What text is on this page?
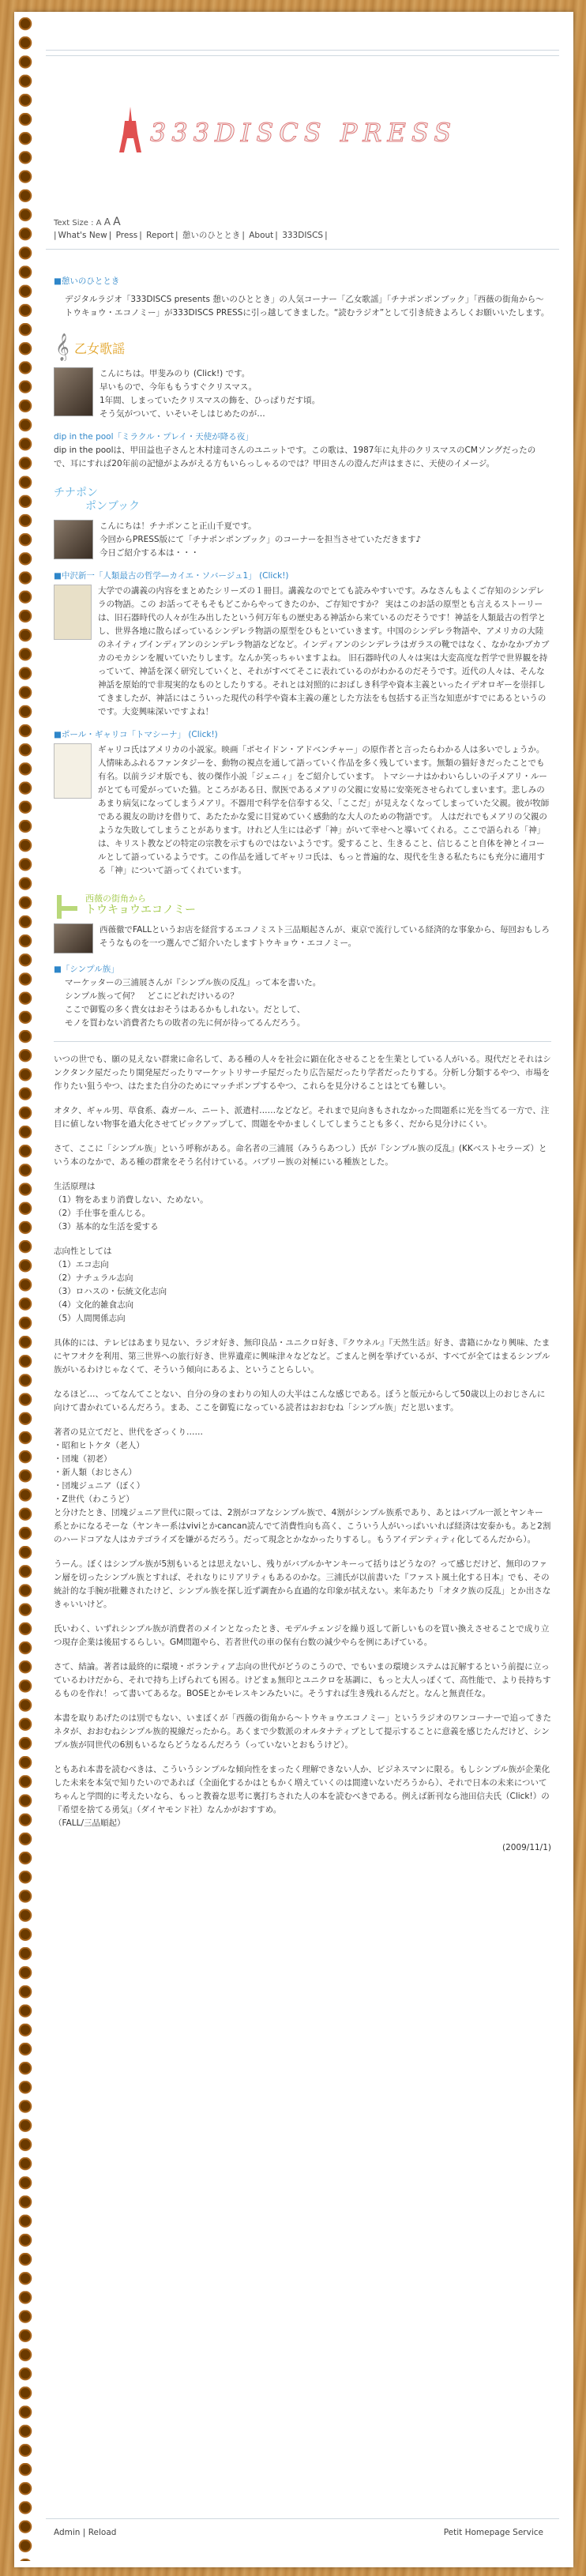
333DISCS PRESS
Text Size : A A A
| What's New | Press | Report | 憩いのひととき | About | 333DISCS |
■憩いのひととき
デジタルラジオ「333DISCS presents 憩いのひととき」の人気コーナー「乙女歌謡」「チナポンポンブック」「西薇の街角から〜トウキョウ・エコノミー」が333DISCS PRESSに引っ越してきました。“読むラジオ”として引き続きよろしくお願いいたします。
𝄞 乙女歌謡
こんにちは。甲斐みのり (Click!) です。
早いもので、今年ももうすぐクリスマス。
1年間、しまっていたクリスマスの飾を、ひっぱりだす頃。
そう気がついて、いそいそしはじめたのが…
dip in the pool「ミラクル・プレイ・天使が降る夜」
dip in the poolは、甲田益也子さんと木村達司さんのユニットです。この歌は、1987年に丸井のクリスマスのCMソングだったので、耳にすれば20年前の記憶がよみがえる方もいらっしゃるのでは？甲田さんの澄んだ声はまさに、天使のイメージ。
チナポン
ポンブック
こんにちは！チナポンこと正山千夏です。
今回からPRESS版にて「チナポンポンブック」のコーナーを担当させていただきます♪
今日ご紹介する本は・・・
■中沢新一「人類最古の哲学—カイエ・ソバージュ1」 (Click!)
大学での講義の内容をまとめたシリーズの１冊目。講義なのでとても読みやすいです。みなさんもよくご存知のシンデレラの物語。この お話ってそもそもどこからやってきたのか、ご存知ですか？ 実はこのお話の原型とも言えるストーリーは、旧石器時代の人々が生み出したという何万年もの歴史ある神話から来ているのだそうです！神話を人類最古の哲学とし、世界各地に散らばっているシンデレラ物語の原型をひもといていきます。中国のシンデレラ物語や、アメリカの大陸のネイティブインディアンのシンデレラ物語などなど。インディアンのシンデレラはガラスの靴ではなく、なかなかブカブカのモカシンを履いていたりします。なんか笑っちゃいますよね。 旧石器時代の人々は実は大変高度な哲学で世界観を持っていて、神話を深く研究していくと、それがすべてそこに表れているのがわかるのだそうです。近代の人々は、そんな神話を原始的で非現実的なものとしたりする。それとは対照的におばしき科学や資本主義といったイデオロギーを崇拝してきましたが、神話にはこういった現代の科学や資本主義の蓮とした方法をも包括する正当な知恵がすでにあるというのです。大変興味深いですよね！
■ポール・ギャリコ「トマシーナ」 (Click!)
ギャリコ氏はアメリカの小説家。映画「ポセイドン・アドベンチャー」の原作者と言ったらわかる人は多いでしょうか。人情味あふれるファンタジーを、動物の視点を通して語っていく作品を多く残しています。無類の猫好きだったことでも有名。以前ラジオ版でも、彼の傑作小説「ジェニィ」をご紹介しています。 トマシーナはかわいらしいの子メアリ・ルーがとても可愛がっていた猫。ところがある日、獣医であるメアリの父親に安易に安楽死させられてしまいます。悲しみのあまり病気になってしまうメアリ。不器用で科学を信奉する父、「ここだ」が見えなくなってしまっていた父親。彼が牧師である親友の助けを借りて、あたたかな愛に目覚めていく感動的な大人のための物語です。 人はだれでもメアリの父親のような失敗してしまうことがあります。けれど人生には必ず「神」がいて幸せへと導いてくれる。ここで語られる「神」は、キリスト教などの特定の宗教を示すものではないようです。愛すること、生きること、信じること自体を神とイコールとして語っているようです。この作品を通してギャリコ氏は、もっと普遍的な、現代を生きる私たちにも充分に適用する「神」について語ってくれています。
西薇の街角から
トウキョウエコノミー
西薇徹でFALLというお店を経営するエコノミスト三品順起さんが、東京で流行している経済的な事象から、毎回おもしろそうなものを一つ選んでご紹介いたしますトウキョウ・エコノミー。
■「シンプル族」
マーケッターの三浦展さんが『シンプル族の反乱』って本を書いた。
シンプル族って何？　どこにどれだけいるの？
ここで御覧の多く貴女はおそうはあるかもしれない。だとして、
モノを買わない消費者たちの敗者の先に何が待ってるんだろう。

いつの世でも、願の見えない群衆に命名して、ある種の人々を社会に顕在化させることを生業としている人がいる。現代だとそれはシンクタンク屋だったり開発屋だったりマーケットリサーチ屋だったり広告屋だったり学者だったりする。分析し分類するやつ、市場を作りたい狙うやつ、はたまた自分のためにマッチポンプするやつ、これらを見分けることはとても難しい。

オタク、ギャル男、草食系、森ガール、ニート、派遣村……などなど。それまで見向きもされなかった問題系に光を当てる一方で、注目に値しない物事を過大化させてピックアップして、問題をやかましくしてしまうことも多く、だから見分けにくい。

さて、ここに「シンプル族」という呼称がある。命名者の三浦展（みうらあつし）氏が『シンプル族の反乱』(KKベストセラーズ）という本のなかで、ある種の群衆をそう名付けている。バブリー族の対極にいる種族とした。

生活原理は
（1）物をあまり消費しない、ためない。
（2）手仕事を重んじる。
（3）基本的な生活を愛する

志向性としては
（1）エコ志向
（2）ナチュラル志向
（3）ロハスの・伝統文化志向
（4）文化的雑食志向
（5）人間関係志向

具体的には、テレビはあまり見ない、ラジオ好き、無印良品・ユニクロ好き、『クウネル』『天然生活』好き、書籍にかなり興味、たまにヤフオクを利用、第三世界への旅行好き、世界遺産に興味津々などなど。ごまんと例を挙げているが、すべてが全てはまるシンプル族がいるわけじゃなくて、そういう傾向にあるよ、ということらしい。

なるほど…、ってなんてことない、自分の身のまわりの知人の大半はこんな感じである。ぼうと版元からして50歳以上のおじさんに向けて書かれているんだろう。まあ、ここを御覧になっている読者はおおむね「シンプル族」だと思います。

著者の見立てだと、世代をざっくり……
・昭和ヒトケタ（老人）
・団塊（初老）
・新人類（おじさん）
・団塊ジュニア（ぼく）
・Z世代（わこうど）
と分けたとき、団塊ジュニア世代に限っては、2割がコアなシンプル族で、4割がシンプル族系であり、あとはバブル一派とヤンキー系とかになるそーな（ヤンキー系はviviとかcancan読んでて消費性向も高く、こういう人がいっぱいいれば経済は安泰かも。あと2割のハードコアな人はカテゴライズを嫌がるだろう。だって現念とかなかったりするし。もうアイデンティティ化してるんだから）。

うーん。ぼくはシンプル族が5割もいるとは思えないし、残りがバブルかヤンキーって括りはどうなの？って感じだけど、無印のファン層を切ったシンプル族とすれば、それなりにリアリティもあるのかな。三浦氏が以前書いた『ファスト風土化する日本』でも、その統計的な手腕が批難されたけど、シンプル族を探し近ず調査から直過的な印象が拭えない。来年あたり「オタク族の反乱」とか出さなきゃいいけど。

氏いわく、いずれシンプル族が消費者のメインとなったとき、モデルチェンジを繰り返して新しいものを買い換えさせることで成り立つ現存企業は後屈するらしい。GM問題やら、若者世代の車の保有台数の減少やらを例にあげている。

さて、結論。著者は最終的に環境・ボランティア志向の世代がどうのこうので、でもいまの環境システムは瓦解するという前提に立っているわけだから、それで持ち上げられても困る。けどまぁ無印とユニクロを基調に、もっと大人っぽくて、高性能で、より長持ちするものを作れ！って書いてあるな。BOSEとかモレスキンみたいに。そうすれば生き残れるんだと。なんと無責任な。

本書を取りあげたのは別でもない、いまぼくが「西薇の街角から〜トウキョウエコノミー」というラジオのワンコーナーで追ってきたネタが、おおむねシンプル族的視線だったから。あくまで少数派のオルタナティブとして提示することに意義を感じたんだけど、シンプル族が同世代の6割もいるならどうなるんだろう（っていないとおもうけど）。

ともあれ本書を読むべきは、こういうシンプルな傾向性をまったく理解できない人か、ビジネスマンに限る。もしシンプル族が企業化した未来を本気で知りたいのであれば（全面化するかはともかく増えていくのは間違いないだろうから）、それで日本の未来についてちゃんと学問的に考えたいなら、もっと教養な思考に裏打ちされた人の本を読むべきである。例えば新刊なら池田信夫氏（Click!）の『希望を捨てる勇気』（ダイヤモンド社）なんかがおすすめ。
（FALL/三品順起）

(2009/11/1)
Admin | Reload	Petit Homepage Service
